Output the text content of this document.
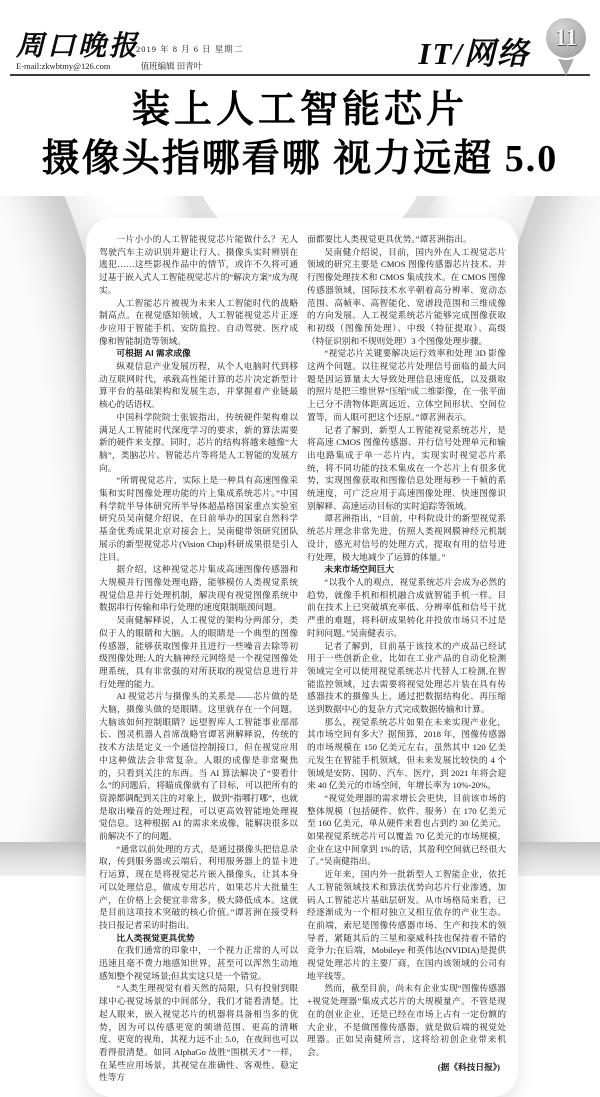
周口晚报
2019 年 8 月 6 日 星期二
E-mail:zkwbtmy@126.com	值班编辑 田青叶	IT/网络 11
装上人工智能芯片
摄像头指哪看哪 视力远超 5.0

一片小小的人工智能视觉芯片能做什么？无人驾驶汽车主动识别并避让行人、摄像头实时辨别在逃犯……这些影视作品中的情节，或许不久将可通过基于嵌入式人工智能视觉芯片的“解决方案”成为现实。

人工智能芯片被视为未来人工智能时代的战略制高点。在视觉感知领域，人工智能视觉芯片正逐步应用于智能手机、安防监控、自动驾驶、医疗成像和智能制造等领域。

可根据 AI 需求成像

纵观信息产业发展历程，从个人电脑时代到移动互联网时代，承载高性能计算的芯片决定新型计算平台的基础架构和发展生态，并掌握着产业链最核心的话语权。

中国科学院院士张钹指出，传统硬件架构难以满足人工智能时代深度学习的要求，新的算法需要新的硬件来支撑。同时，芯片的结构将越来越像“大脑”，类脑芯片、智能芯片等将是人工智能的发展方向。

“所谓视觉芯片，实际上是一种具有高速图像采集和实时图像处理功能的片上集成系统芯片。”中国科学院半导体研究所半导体超晶格国家重点实验室研究员吴南健介绍说，在日前举办的国家自然科学基金优秀成果北京对接会上，吴南健带领研究团队展示的新型视觉芯片(Vision Chip)科研成果很是引人注目。

据介绍，这种视觉芯片集成高速图像传感器和大规模并行图像处理电路，能够模仿人类视觉系统视觉信息并行处理机制，解决现有视觉图像系统中数据串行传输和串行处理的速度限制瓶颈问题。

吴南健解释说，人工视觉的架构分两部分，类似于人的眼睛和大脑。人的眼睛是一个典型的图像传感器，能够获取图像并且进行一些噪音去除等初级图像处理;人的大脑神经元网络是一个视觉图像处理系统，具有非常强的对所获取的视觉信息进行并行处理的能力。

AI 视觉芯片与摄像头的关系是——芯片做的是大脑，摄像头做的是眼睛。这里就存在一个问题，大脑该如何控制眼睛？远望智库人工智能事业部部长、图灵机器人首席战略官谭茗洲解释说，传统的技术方法是定义一个通信控制接口，但在视觉应用中这种做法会非常复杂。人眼的成像是非常聚焦的，只看到关注的东西。当 AI 算法解决了“要看什么”的问题后，将瞄成像就有了目标，可以把所有的资源都调配到关注的对象上，做到“指哪打哪”，也就是取出噪音的处理过程，可以更高效智能地处理视觉信息。这种根据 AI 的需求来成像，能解决很多以前解决不了的问题。

“通常以前处理的方式，是通过摄像头把信息录取，传到服务器或云端后，利用服务器上的显卡进行运算，现在是将视觉芯片嵌入摄像头，让其本身可以处理信息，做成专用芯片，如果芯片大批量生产，在价格上会便宜非常多，极大降低成本。这就是目前这项技术突破的核心价值。”谭茗洲在接受科技日报记者采访时指出。

比人类视觉更具优势

在我们通常的印象中，一个视力正常的人可以迅速且毫不费力地感知世界，甚至可以浑然生动地感知整个视觉场景;但其实这只是一个错觉。

“人类生理视觉有着天然的局限，只有投射到眼球中心视觉场景的中间部分，我们才能看清楚。比起人眼来，嵌入视觉芯片的机器将具备相当多的优势，因为可以传感更宽的频谱范围、更高的清晰度、更宽的视角，其视力远不止 5.0，在夜间也可以看得很清楚。如同 AlphaGo 战胜“围棋天才”一样，在某些应用场景，其视觉在准确性、客观性、稳定性等方

面都要比人类视觉更具优势。”谭茗洲指出。

吴南健介绍说，目前，国内外在人工视觉芯片领域的研究主要是 CMOS 图像传感器芯片技术、并行图像处理技术和 CMOS 集成技术。在 CMOS 图像传感器领域，国际技术水平朝着高分辨率、宽动态范围、高帧率、高智能化、宽谱段范围和三维成像的方向发展。人工视觉系统芯片能够完成图像获取和初级（图像预处理）、中级（特征提取）、高级（特征识别和不规则处理）3 个图像处理步骤。

“视觉芯片关键要解决运行效率和处理 3D 影像这两个问题。以往视觉芯片处理信号面临的最大问题是因运算量太大导致处理信息速度低，以及摄取的照片是把三维世界“压缩”成二维影像，在一张平面上已分不清物体距离远近、立体空间形状、空间位置等，而人眼可把这个还原。”谭茗洲表示。

记者了解到，新型人工智能视觉系统芯片，是将高速 CMOS 图像传感器、并行信号处理单元和输出电路集成于单一芯片内，实现实时视觉芯片系统，将不同功能的技术集成在一个芯片上有很多优势，实现图像获取和图像信息处理每秒一千帧的系统速度，可广泛应用于高速图像处理、快速图像识别解释、高速运动目标的实时追踪等领域。

谭茗洲指出，“目前，中科院设计的新型视觉系统芯片理念非常先进，仿照人类视网膜神经元机制设计，感光对信号的处理方式，提取有用的信号进行处理，极大地减少了运算的体量。”

未来市场空间巨大

“以我个人的观点，视觉系统芯片会成为必然的趋势，就像手机和相机融合成就智能手机一样。目前在技术上已突破填充率低、分辨率低和信号干扰严重的难题，将科研成果转化并投放市场只不过是时间问题。”吴南健表示。

记者了解到，目前基于该技术的产成品已经试用于一些创新企业，比如在工业产品的自动化检测领域完全可以使用视觉系统芯片代替人工检测,在智能监控领域，过去需要将视觉处理芯片装在具有传感器技术的摄像头上，通过把数据结构化、再压缩送到数据中心的复杂方式完成数据传输和计算。

那么，视觉系统芯片如果在未来实现产业化，其市场空间有多大？据预算，2018 年，图像传感器的市场规模在 150 亿美元左右，虽然其中 120 亿美元发生在智能手机领域，但未来发展比较快的 4 个领域是安防、国防、汽车、医疗，到 2021 年将会迎来 40 亿美元的市场空间，年增长率为 10%-20%。

“视觉处理器的需求增长会更快，目前该市场的整体规模（包括硬件、软件、服务）在 170 亿美元至 160 亿美元，单从硬件来看也占到约 30 亿美元。如果视觉系统芯片可以覆盖 70 亿美元的市场规模，企业在这中间拿到 1%的话，其盈利空间就已经很大了。”吴南健指出。

近年来，国内外一批新型人工智能企业，依托人工智能领域技术和算法优势向芯片行业渗透，加码人工智能芯片基础层研发。从市场格局来看，已经逐渐成为一个相对独立又相互依存的产业生态。在前端，索尼是图像传感器市场、生产和技术的领导者，紧随其后的三星和豪威科技也保持着不错的竞争力;在后端，Mobileye 和英伟达(NVIDIA)是提供视觉处理芯片的主要厂商，在国内该领域的公司有地平线等。

然而，截至目前，尚未有企业实现“图像传感器+视觉处理器”集成式芯片的大规模量产。不管是现在的创业企业，还是已经在市场上占有一定份额的大企业，不是做图像传感器，就是做后端的视觉处理器。正如吴南健所言，这将给初创企业带来机会。

(据《科技日报》)
